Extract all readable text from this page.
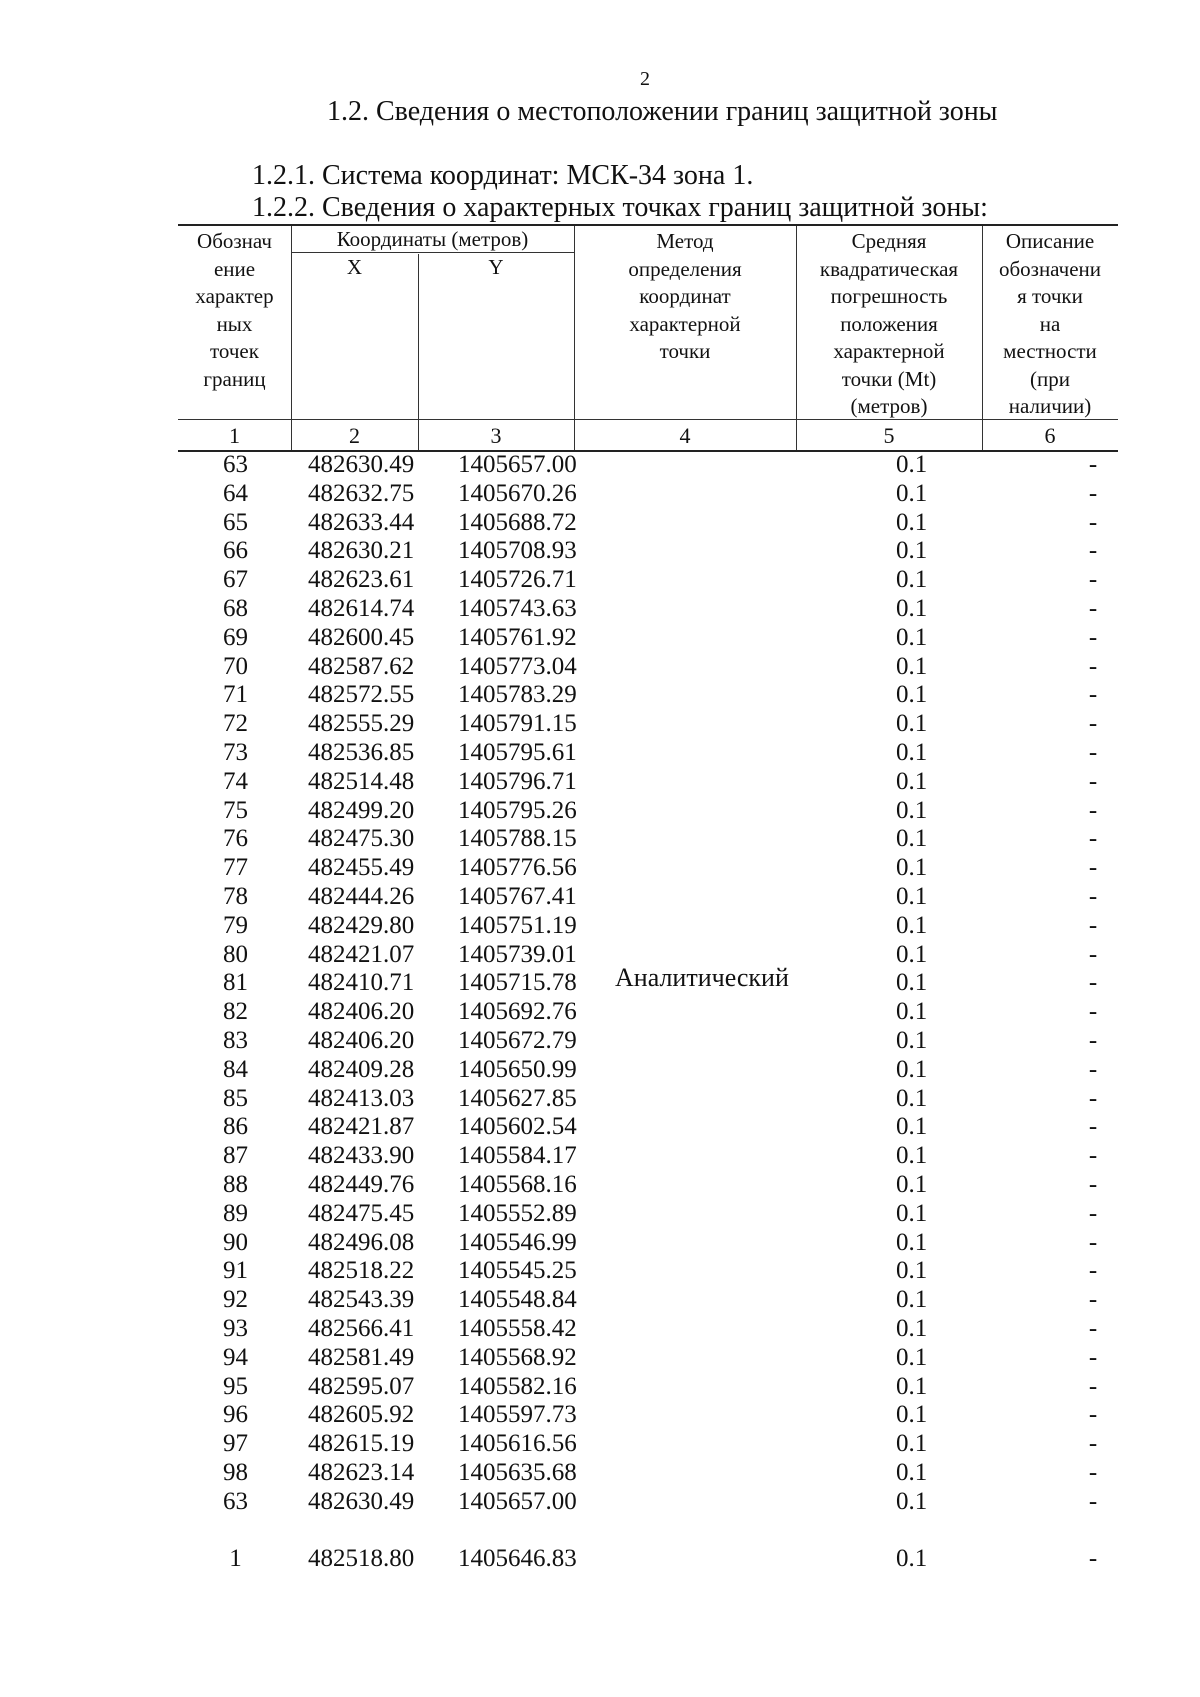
2
1.2. Сведения о местоположении границ защитной зоны
1.2.1. Система координат: МСК-34 зона 1.
1.2.2. Сведения о характерных точках границ защитной зоны:
Обознач
ение
характер
ных
точек
границ
Координаты (метров)
X	Y
Метод
определения
координат
характерной
точки
Средняя
квадратическая
погрешность
положения
характерной
точки (Mt)
(метров)
Описание
обозначени
я точки
на
местности
(при
наличии)
1	2	3	4	5	6
63	482630.49	1405657.00	0.1	-
64	482632.75	1405670.26	0.1	-
65	482633.44	1405688.72	0.1	-
66	482630.21	1405708.93	0.1	-
67	482623.61	1405726.71	0.1	-
68	482614.74	1405743.63	0.1	-
69	482600.45	1405761.92	0.1	-
70	482587.62	1405773.04	0.1	-
71	482572.55	1405783.29	0.1	-
72	482555.29	1405791.15	0.1	-
73	482536.85	1405795.61	0.1	-
74	482514.48	1405796.71	0.1	-
75	482499.20	1405795.26	0.1	-
76	482475.30	1405788.15	0.1	-
77	482455.49	1405776.56	0.1	-
78	482444.26	1405767.41	0.1	-
79	482429.80	1405751.19	0.1	-
80	482421.07	1405739.01	0.1	-
81	482410.71	1405715.78	0.1	-
82	482406.20	1405692.76	0.1	-
83	482406.20	1405672.79	0.1	-
84	482409.28	1405650.99	0.1	-
85	482413.03	1405627.85	0.1	-
86	482421.87	1405602.54	0.1	-
87	482433.90	1405584.17	0.1	-
88	482449.76	1405568.16	0.1	-
89	482475.45	1405552.89	0.1	-
90	482496.08	1405546.99	0.1	-
91	482518.22	1405545.25	0.1	-
92	482543.39	1405548.84	0.1	-
93	482566.41	1405558.42	0.1	-
94	482581.49	1405568.92	0.1	-
95	482595.07	1405582.16	0.1	-
96	482605.92	1405597.73	0.1	-
97	482615.19	1405616.56	0.1	-
98	482623.14	1405635.68	0.1	-
63	482630.49	1405657.00	0.1	-
1	482518.80	1405646.83	0.1	-
Аналитический
